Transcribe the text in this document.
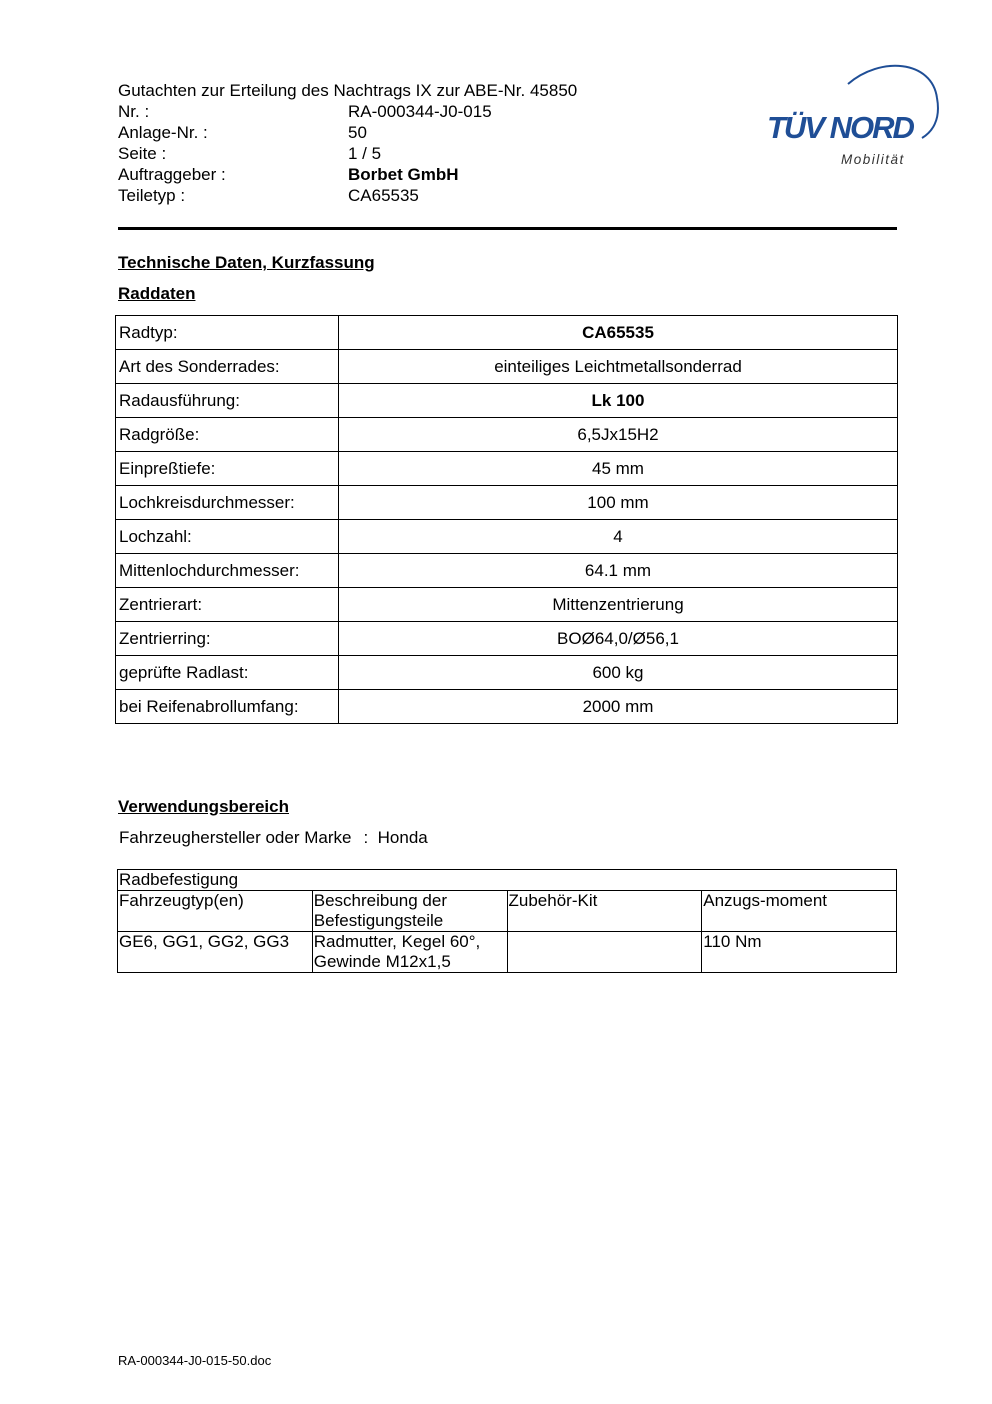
Gutachten zur Erteilung des Nachtrags IX zur ABE-Nr. 45850
Nr. :	RA-000344-J0-015
Anlage-Nr. :	50
Seite :	1 / 5
Auftraggeber :	Borbet GmbH
Teiletyp :	CA65535
TÜV NORD
Mobilität
Technische Daten, Kurzfassung
Raddaten
Radtyp:	CA65535
Art des Sonderrades:	einteiliges Leichtmetallsonderrad
Radausführung:	Lk 100
Radgröße:	6,5Jx15H2
Einpreßtiefe:	45 mm
Lochkreisdurchmesser:	100 mm
Lochzahl:	4
Mittenlochdurchmesser:	64.1 mm
Zentrierart:	Mittenzentrierung
Zentrierring:	BOØ64,0/Ø56,1
geprüfte Radlast:	600 kg
bei Reifenabrollumfang:	2000 mm
Verwendungsbereich
Fahrzeughersteller oder Marke : Honda
Radbefestigung			
Fahrzeugtyp(en)	Beschreibung der Befestigungsteile	Zubehör-Kit	Anzugs-moment
GE6, GG1, GG2, GG3	Radmutter, Kegel 60°, Gewinde M12x1,5		110 Nm
RA-000344-J0-015-50.doc
